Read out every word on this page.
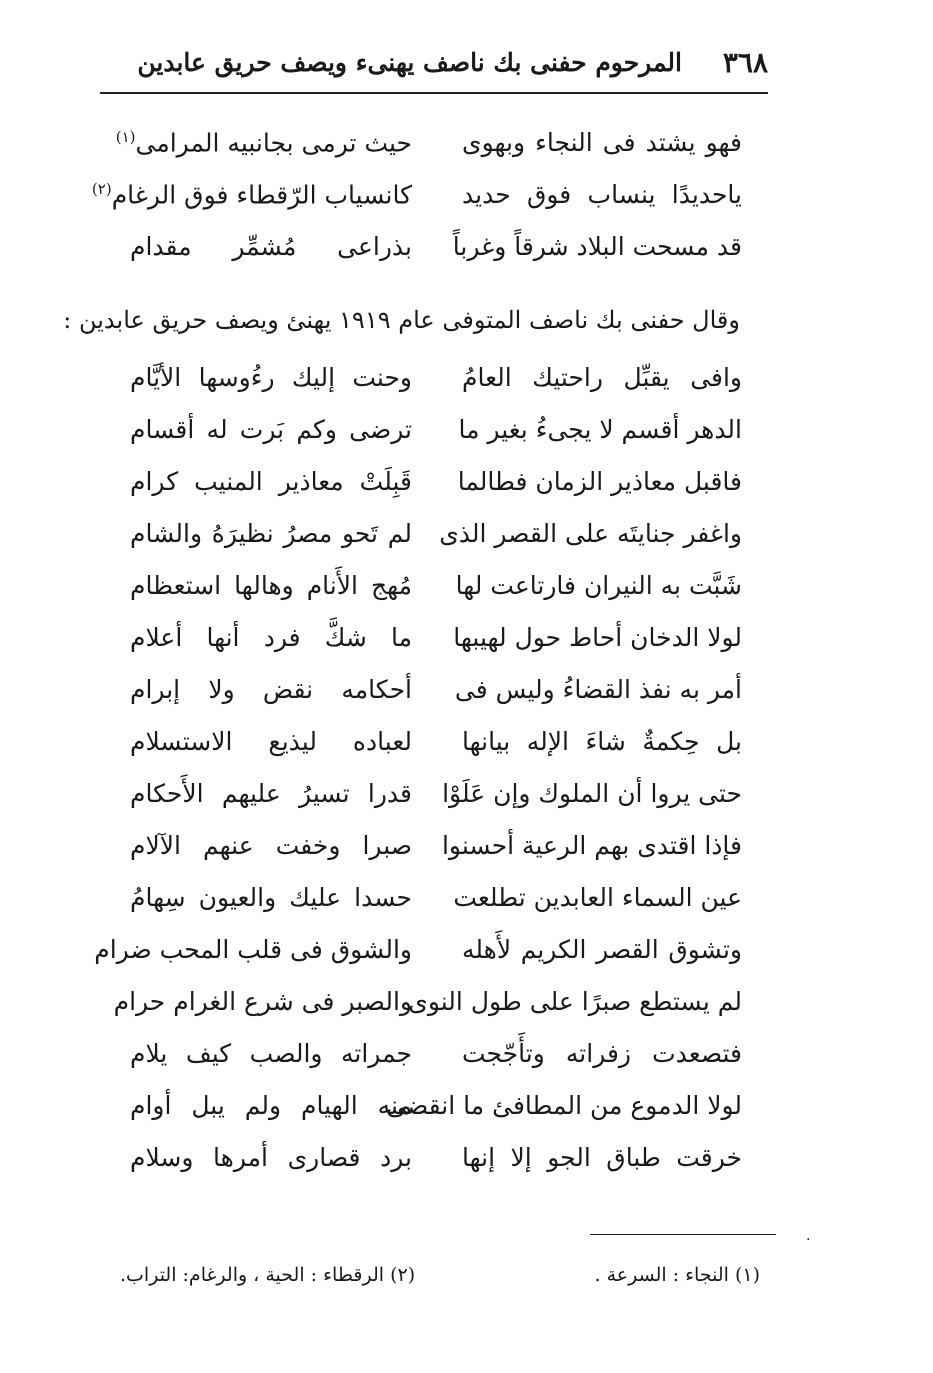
٣٦٨
المرحوم حفنى بك ناصف يهنىء ويصف حريق عابدين
فهو يشتد فى النجاء وبهوى
حيث ترمى بجانبيه المرامى$^{(١)}$
ياحديدًا ينساب فوق حديد
كانسياب الرّقطاء فوق الرغام$^{(٢)}$
قد مسحت البلاد شرقاً وغرباً
بذراعى مُشمِّر مقدام
وقال حفنى بك ناصف المتوفى عام ١٩١٩ يهنئ ويصف حريق عابدين :
وافى يقبِّل راحتيك العامُ
وحنت إليك رءُوسها الأيَّام
الدهر أقسم لا يجىءُ بغير ما
ترضى وكم بَرت له أقسام
فاقبل معاذير الزمان فطالما
قَبِلَتْ معاذير المنيب كرام
واغفر جنايتَه على القصر الذى
لم تَحو مصرُ نظيرَهُ والشام
شَبَّت به النيران فارتاعت لها
مُهج الأَنام وهالها استعظام
لولا الدخان أحاط حول لهيبها
ما شكَّ فرد أنها أعلام
أمر به نفذ القضاءُ وليس فى
أحكامه نقض ولا إبرام
بل حِكمةٌ شاءَ الإله بيانها
لعباده ليذيع الاستسلام
حتى يروا أن الملوك وإن عَلَوْا
قدرا تسيرُ عليهم الأَحكام
فإذا اقتدى بهم الرعية أحسنوا
صبرا وخفت عنهم الآلام
عين السماء العابدين تطلعت
حسدا عليك والعيون سِهامُ
وتشوق القصر الكريم لأَهله
والشوق فى قلب المحب ضرام
لم يستطع صبرًا على طول النوى
والصبر فى شرع الغرام حرام
فتصعدت زفراته وتأَجّجت
جمراته والصب كيف يلام
لولا الدموع من المطافئ ما انقضى
منه الهيام ولم يبل أوام
خرقت طباق الجو إلا إنها
برد قصارى أمرها وسلام
.
(١) النجاء : السرعة .
(٢) الرقطاء : الحية ، والرغام: التراب.
